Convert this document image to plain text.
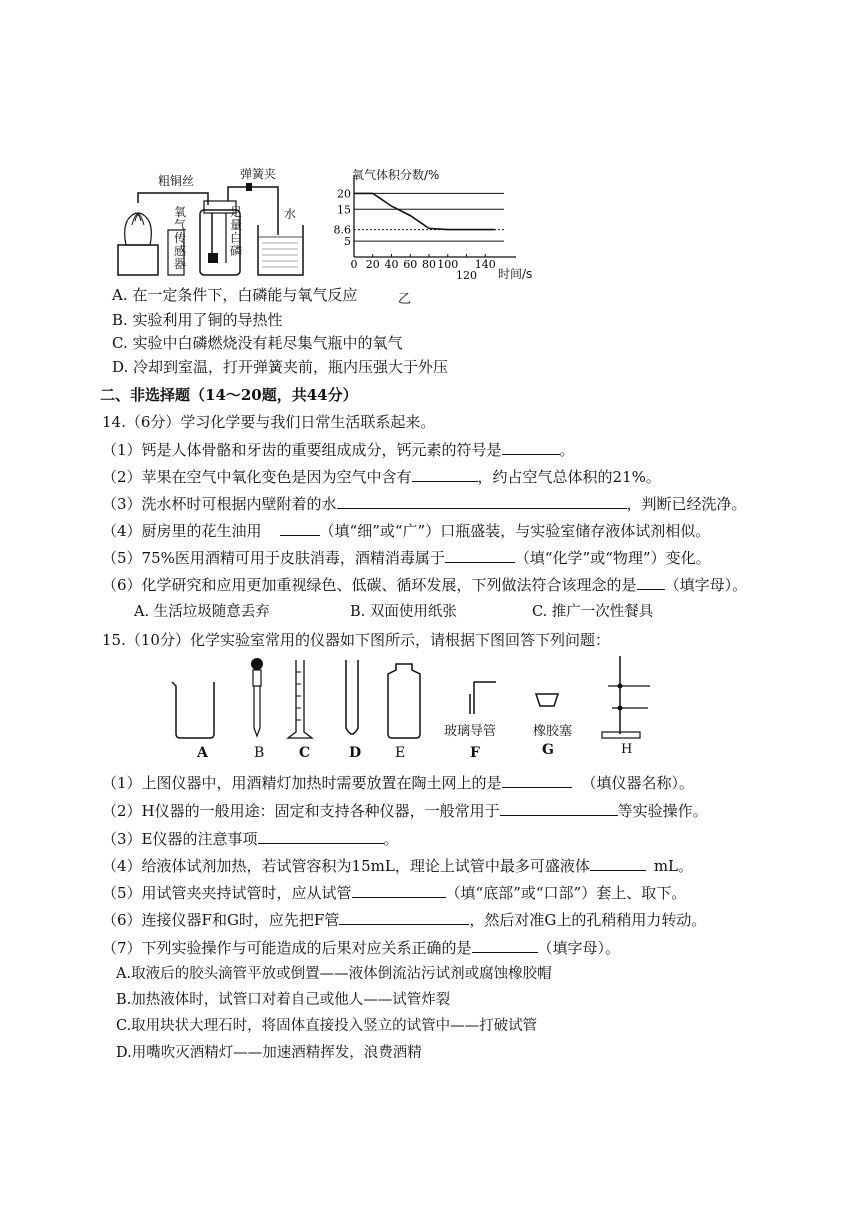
粗铜丝	弹簧夹
氧气传感器
足量白磷
水
5
8.6
15
20
0 20 40 60 80 100
120
140
氧气体积分数/%
时间/s
乙
A. 在一定条件下，白磷能与氧气反应
B. 实验利用了铜的导热性
C. 实验中白磷燃烧没有耗尽集气瓶中的氧气
D. 冷却到室温，打开弹簧夹前，瓶内压强大于外压
二、非选择题（14～20题，共44分）
14.（6分）学习化学要与我们日常生活联系起来。
（1）钙是人体骨骼和牙齿的重要组成成分，钙元素的符号是	。
（2）苹果在空气中氧化变色是因为空气中含有	，约占空气总体积的21%。
（3）洗水杯时可根据内壁附着的水	，判断已经洗净。
（4）厨房里的花生油用	（填“细”或“广”）口瓶盛装，与实验室储存液体试剂相似。
（5）75%医用酒精可用于皮肤消毒，酒精消毒属于	（填“化学”或“物理”）变化。
（6）化学研究和应用更加重视绿色、低碳、循环发展，下列做法符合该理念的是 （填字母）。
A. 生活垃圾随意丢弃	B. 双面使用纸张	C. 推广一次性餐具
15.（10分）化学实验室常用的仪器如下图所示，请根据下图回答下列问题：
玻璃导管	橡胶塞
A	B C	D E	F	G	H
（1）上图仪器中，用酒精灯加热时需要放置在陶土网上的是	（填仪器名称）。
（2）H仪器的一般用途：固定和支持各种仪器，一般常用于	等实验操作。
（3）E仪器的注意事项	。
（4）给液体试剂加热，若试管容积为15mL，理论上试管中最多可盛液体	mL。
（5）用试管夹夹持试管时，应从试管	（填“底部”或“口部”）套上、取下。
（6）连接仪器F和G时，应先把F管	，然后对准G上的孔稍稍用力转动。
（7）下列实验操作与可能造成的后果对应关系正确的是	（填字母）。
A.取液后的胶头滴管平放或倒置——液体倒流沾污试剂或腐蚀橡胶帽
B.加热液体时，试管口对着自己或他人——试管炸裂
C.取用块状大理石时，将固体直接投入竖立的试管中——打破试管
D.用嘴吹灭酒精灯——加速酒精挥发，浪费酒精
